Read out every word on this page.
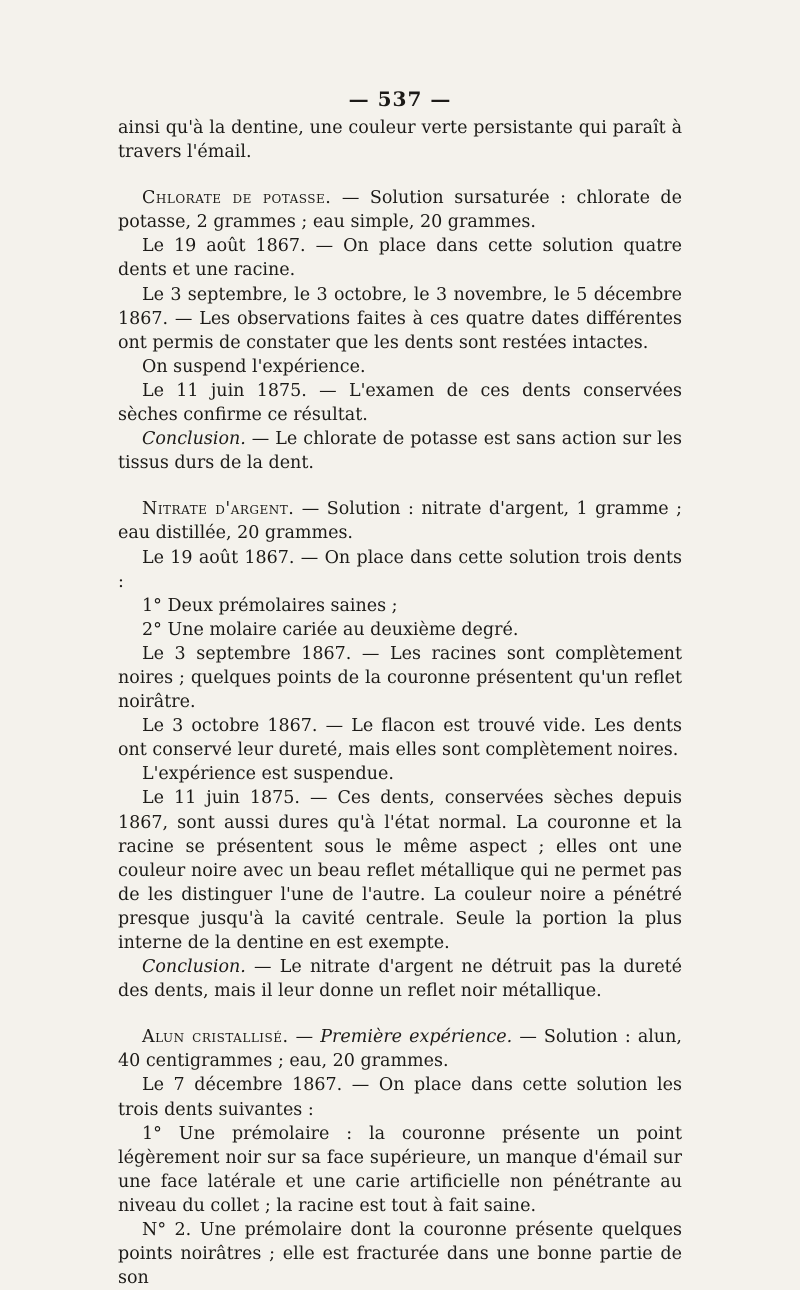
— 537 —

ainsi qu'à la dentine, une couleur verte persistante qui paraît à travers l'émail.

Chlorate de potasse. — Solution sursaturée : chlorate de potasse, 2 grammes ; eau simple, 20 grammes.

Le 19 août 1867. — On place dans cette solution quatre dents et une racine.

Le 3 septembre, le 3 octobre, le 3 novembre, le 5 décembre 1867. — Les observations faites à ces quatre dates différentes ont permis de constater que les dents sont restées intactes.

On suspend l'expérience.

Le 11 juin 1875. — L'examen de ces dents conservées sèches confirme ce résultat.

Conclusion. — Le chlorate de potasse est sans action sur les tissus durs de la dent.

Nitrate d'argent. — Solution : nitrate d'argent, 1 gramme ; eau distillée, 20 grammes.

Le 19 août 1867. — On place dans cette solution trois dents :

1° Deux prémolaires saines ;

2° Une molaire cariée au deuxième degré.

Le 3 septembre 1867. — Les racines sont complètement noires ; quelques points de la couronne présentent qu'un reflet noirâtre.

Le 3 octobre 1867. — Le flacon est trouvé vide. Les dents ont conservé leur dureté, mais elles sont complètement noires.

L'expérience est suspendue.

Le 11 juin 1875. — Ces dents, conservées sèches depuis 1867, sont aussi dures qu'à l'état normal. La couronne et la racine se présentent sous le même aspect ; elles ont une couleur noire avec un beau reflet métallique qui ne permet pas de les distinguer l'une de l'autre. La couleur noire a pénétré presque jusqu'à la cavité centrale. Seule la portion la plus interne de la dentine en est exempte.

Conclusion. — Le nitrate d'argent ne détruit pas la dureté des dents, mais il leur donne un reflet noir métallique.

Alun cristallisé. — Première expérience. — Solution : alun, 40 centigrammes ; eau, 20 grammes.

Le 7 décembre 1867. — On place dans cette solution les trois dents suivantes :

1° Une prémolaire : la couronne présente un point légèrement noir sur sa face supérieure, un manque d'émail sur une face latérale et une carie artificielle non pénétrante au niveau du collet ; la racine est tout à fait saine.

N° 2. Une prémolaire dont la couronne présente quelques points noirâtres ; elle est fracturée dans une bonne partie de son
